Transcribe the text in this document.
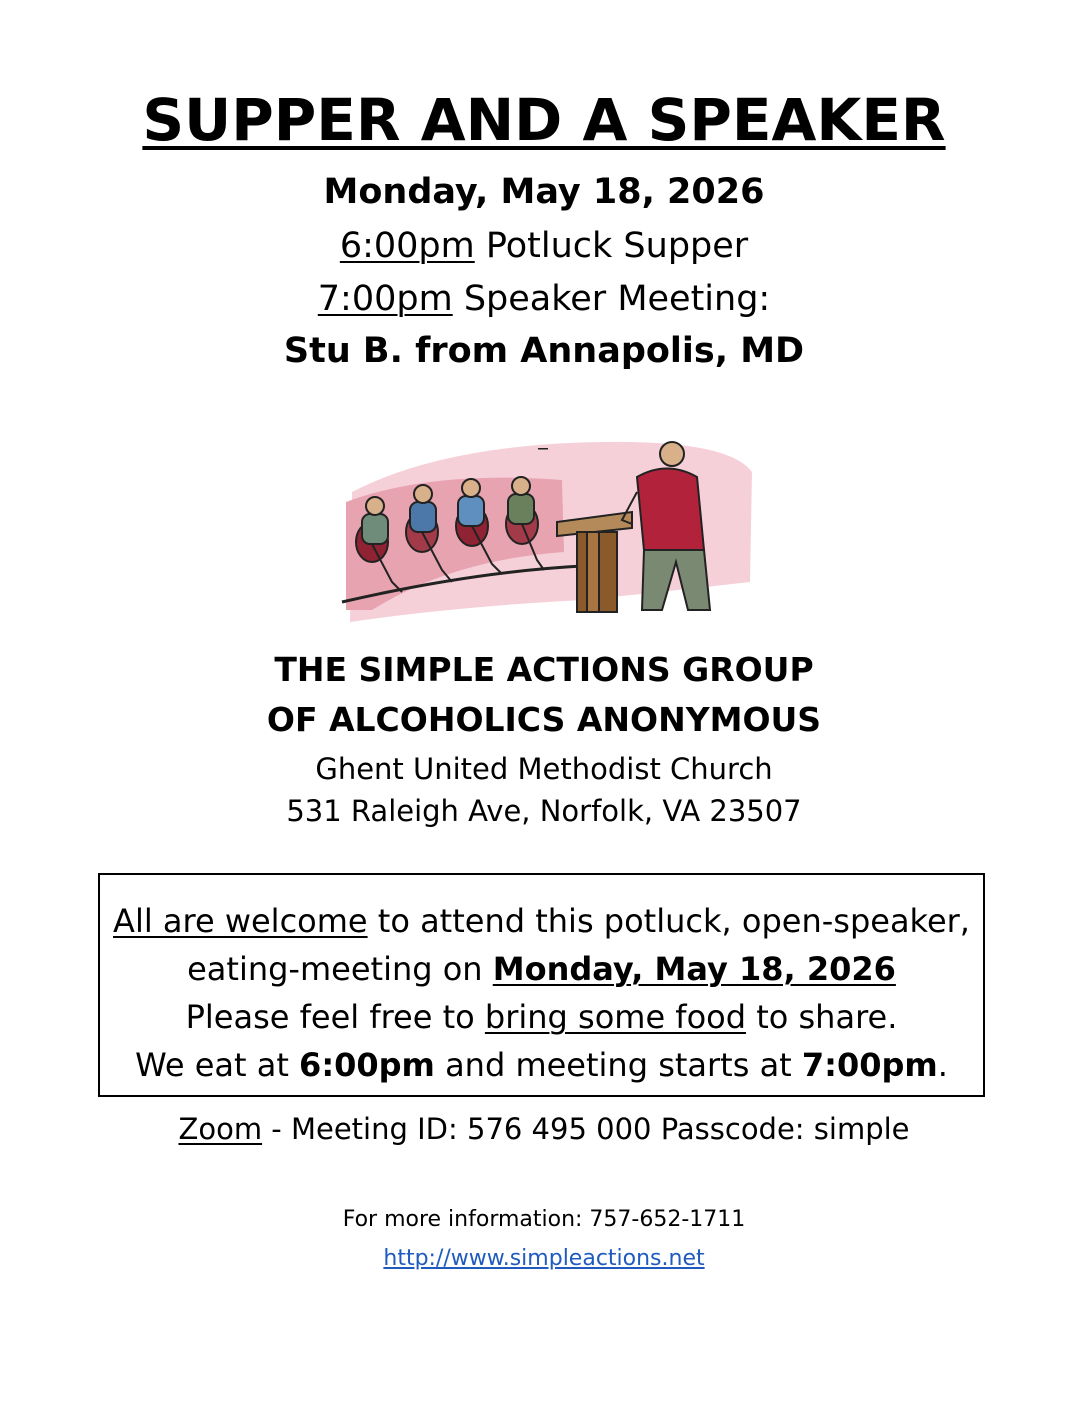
SUPPER AND A SPEAKER
Monday, May 18, 2026
6:00pm Potluck Supper
7:00pm Speaker Meeting:
Stu B. from Annapolis, MD
THE SIMPLE ACTIONS GROUP
OF ALCOHOLICS ANONYMOUS
Ghent United Methodist Church
531 Raleigh Ave, Norfolk, VA 23507
All are welcome to attend this potluck, open-speaker,
eating-meeting on Monday, May 18, 2026
Please feel free to bring some food to share.
We eat at 6:00pm and meeting starts at 7:00pm.
Zoom - Meeting ID: 576 495 000 Passcode: simple
For more information: 757-652-1711
http://www.simpleactions.net
